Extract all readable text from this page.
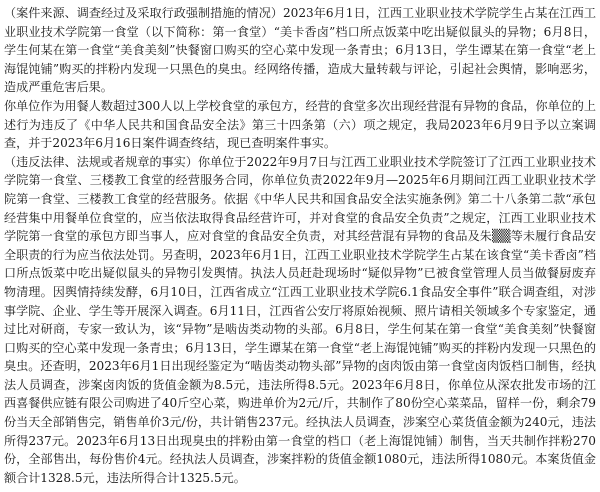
（案件来源、调查经过及采取行政强制措施的情况）2023年6月1日，江西工业职业技术学院学生占某在江西工业职业技术学院第一食堂（以下简称：第一食堂）“美卡香卤”档口所点饭菜中吃出疑似鼠头的异物；6月8日，学生何某在第一食堂“美食美刻”快餐窗口购买的空心菜中发现一条青虫；6月13日，学生谭某在第一食堂“老上海馄饨铺”购买的拌粉内发现一只黑色的臭虫。经网络传播，造成大量转载与评论，引起社会舆情，影响恶劣，造成严重危害后果。

你单位作为用餐人数超过300人以上学校食堂的承包方，经营的食堂多次出现经营混有异物的食品，你单位的上述行为违反了《中华人民共和国食品安全法》第三十四条第（六）项之规定，我局2023年6月9日予以立案调查，并于2023年6月16日案件调查终结，现已查明案件事实。

（违反法律、法规或者规章的事实）你单位于2022年9月7日与江西工业职业技术学院签订了江西工业职业技术学院第一食堂、三楼教工食堂的经营服务合同，你单位负责2022年9月—2025年6月期间江西工业职业技术学院第一食堂、三楼教工食堂的经营服务。依据《中华人民共和国食品安全法实施条例》第二十八条第二款“承包经营集中用餐单位食堂的，应当依法取得食品经营许可，并对食堂的食品安全负责”之规定，江西工业职业技术学院第一食堂的承包方即当事人，应对食堂的食品安全负责，对其经营混有异物的食品及朱▒▒等未履行食品安全职责的行为应当依法处罚。另查明，2023年6月1日，江西工业职业技术学院学生占某在该食堂“美卡香卤”档口所点饭菜中吃出疑似鼠头的异物引发舆情。执法人员赶赴现场时“疑似异物”已被食堂管理人员当做餐厨废弃物清理。因舆情持续发酵，6月10日，江西省成立“江西工业职业技术学院6.1食品安全事件”联合调查组，对涉事学院、企业、学生等开展深入调查。6月11日，江西省公安厅将原始视频、照片请相关领域多个专家鉴定，通过比对研商，专家一致认为，该“异物”是啮齿类动物的头部。6月8日，学生何某在第一食堂“美食美刻”快餐窗口购买的空心菜中发现一条青虫；6月13日，学生谭某在第一食堂“老上海馄饨铺”购买的拌粉内发现一只黑色的臭虫。还查明，2023年6月1日出现经鉴定为“啮齿类动物头部”异物的卤肉饭由第一食堂卤肉饭档口制售，经执法人员调查，涉案卤肉饭的货值金额为8.5元，违法所得8.5元。2023年6月8日，你单位从深农批发市场的江西喜餐供应链有限公司购进了40斤空心菜，购进单价为2元/斤，共制作了80份空心菜菜品，留样一份，剩余79份当天全部销售完，销售单价3元/份，共计销售237元。经执法人员调查，涉案空心菜货值金额为240元，违法所得237元。2023年6月13日出现臭虫的拌粉由第一食堂的档口（老上海馄饨铺）制售，当天共制作拌粉270份，全部售出，每份售价4元。经执法人员调查，涉案拌粉的货值金额1080元，违法所得1080元。本案货值金额合计1328.5元，违法所得合计1325.5元。
